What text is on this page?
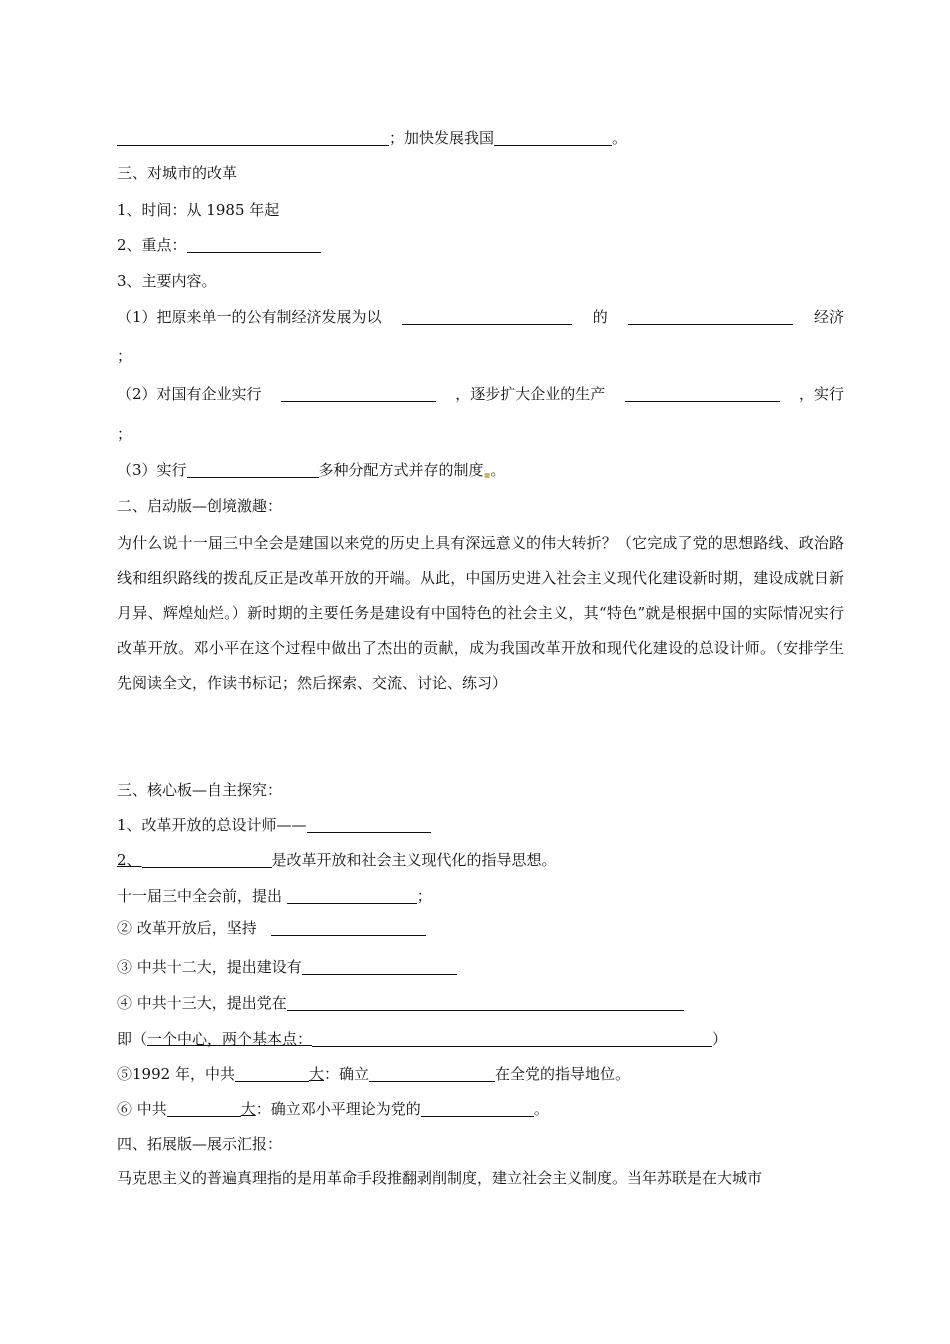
；加快发展我国	。
三、对城市的改革
1、时间：从 1985 年起
2、重点：
3、主要内容。
（1）把原来单一的公有制经济发展为以	的	经济
；
（2）对国有企业实行	，逐步扩大企业的生产	，实行
；
（3）实行	多种分配方式并存的制度$_▪$。
二、启动版—创境激趣：
为什么说十一届三中全会是建国以来党的历史上具有深远意义的伟大转折？（它完成了党的思想路线、政治路线和组织路线的拨乱反正是改革开放的开端。从此，中国历史进入社会主义现代化建设新时期，建设成就日新月异、辉煌灿烂。）新时期的主要任务是建设有中国特色的社会主义，其“特色”就是根据中国的实际情况实行改革开放。邓小平在这个过程中做出了杰出的贡献，成为我国改革开放和现代化建设的总设计师。（安排学生先阅读全文，作读书标记；然后探索、交流、讨论、练习）
三、核心板—自主探究：
1、改革开放的总设计师——
2、	是改革开放和社会主义现代化的指导思想。
十一届三中全会前，提出	；
② 改革开放后，坚持
③ 中共十二大，提出建设有
④ 中共十三大，提出党在
即（一个中心，两个基本点：	）
⑤1992 年，中共	大：确立	在全党的指导地位。
⑥ 中共	大：确立邓小平理论为党的	。
四、拓展版—展示汇报：
马克思主义的普遍真理指的是用革命手段推翻剥削制度，建立社会主义制度。当年苏联是在大城市
